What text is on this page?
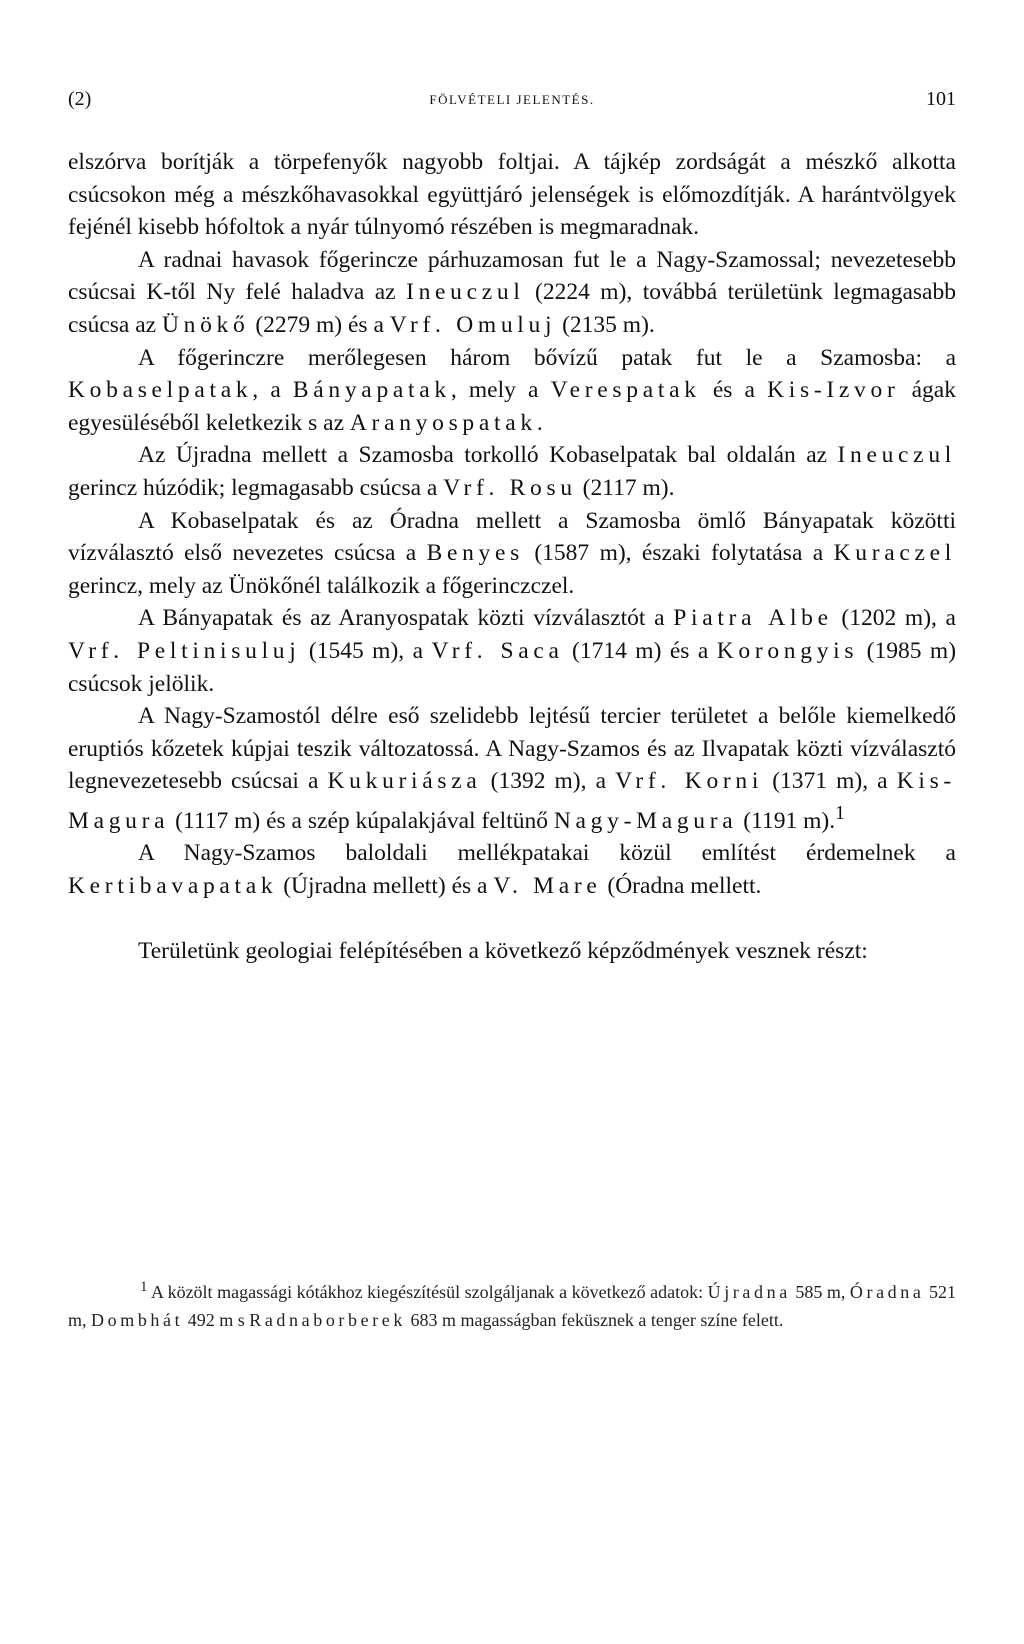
(2)	FÖLVÉTELI JELENTÉS.	101

elszórva borítják a törpefenyők nagyobb foltjai. A tájkép zordságát a mészkő alkotta csúcsokon még a mészkőhavasokkal együttjáró jelenségek is előmozdítják. A harántvölgyek fejénél kisebb hófoltok a nyár túlnyomó részében is megmaradnak.

A radnai havasok főgerincze párhuzamosan fut le a Nagy-Szamossal; nevezetesebb csúcsai K-től Ny felé haladva az Ineuczul (2224 m), továbbá területünk legmagasabb csúcsa az Ünökő (2279 m) és a Vrf. Omuluj (2135 m).

A főgerinczre merőlegesen három bővízű patak fut le a Szamosba: a Kobaselpatak, a Bányapatak, mely a Verespatak és a Kis-Izvor ágak egyesüléséből keletkezik s az Aranyospatak.

Az Újradna mellett a Szamosba torkolló Kobaselpatak bal oldalán az Ineuczul gerincz húzódik; legmagasabb csúcsa a Vrf. Rosu (2117 m).

A Kobaselpatak és az Óradna mellett a Szamosba ömlő Bányapatak közötti vízválasztó első nevezetes csúcsa a Benyes (1587 m), északi folytatása a Kuraczel gerincz, mely az Ünökőnél találkozik a főgerinczczel.

A Bányapatak és az Aranyospatak közti vízválasztót a Piatra Albe (1202 m), a Vrf. Peltinisuluj (1545 m), a Vrf. Saca (1714 m) és a Korongyis (1985 m) csúcsok jelölik.

A Nagy-Szamostól délre eső szelidebb lejtésű tercier területet a belőle kiemelkedő eruptiós kőzetek kúpjai teszik változatossá. A Nagy-Szamos és az Ilvapatak közti vízválasztó legnevezetesebb csúcsai a Kukuriásza (1392 m), a Vrf. Korni (1371 m), a Kis-Magura (1117 m) és a szép kúpalakjával feltünő Nagy-Magura (1191 m).$^1$

A Nagy-Szamos baloldali mellékpatakai közül említést érdemelnek a Kertibavapatak (Újradna mellett) és a V. Mare (Óradna mellett.

Területünk geologiai felépítésében a következő képződmények vesznek részt:

$^1$ A közölt magassági kótákhoz kiegészítésül szolgáljanak a következő adatok: Újradna 585 m, Óradna 521 m, Dombhát 492 m s Radnaborberek 683 m magasságban feküsznek a tenger színe felett.
